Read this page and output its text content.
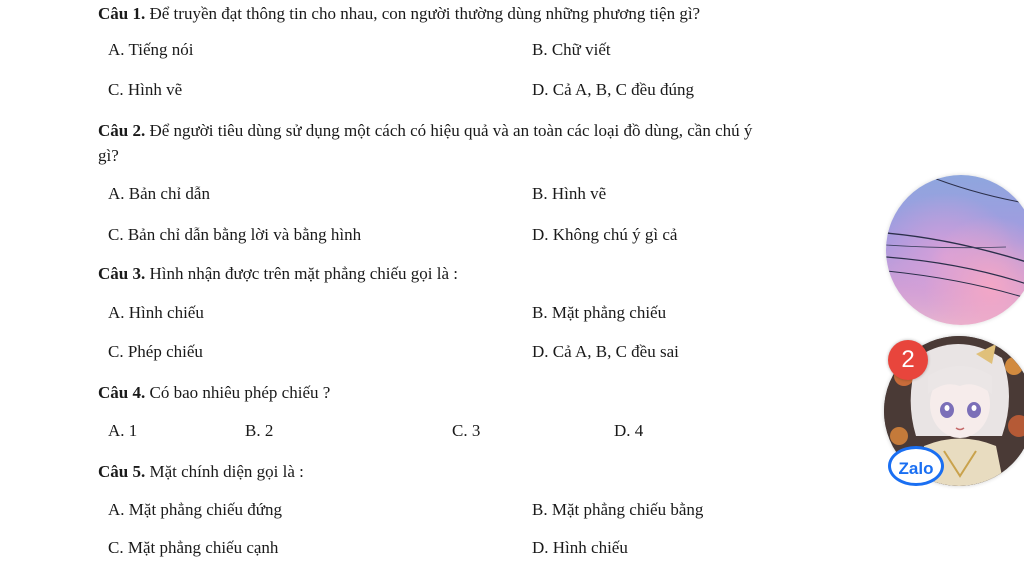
Câu 1. Để truyền đạt thông tin cho nhau, con người thường dùng những phương tiện gì?
A. Tiếng nói	B. Chữ viết
C. Hình vẽ	D. Cả A, B, C đều đúng
Câu 2. Để người tiêu dùng sử dụng một cách có hiệu quả và an toàn các loại đồ dùng, cần chú ý
gì?
A. Bản chỉ dẫn	B. Hình vẽ
C. Bản chỉ dẫn bằng lời và bằng hình	D. Không chú ý gì cả
Câu 3. Hình nhận được trên mặt phẳng chiếu gọi là :
A. Hình chiếu	B. Mặt phẳng chiếu
C. Phép chiếu	D. Cả A, B, C đều sai
Câu 4. Có bao nhiêu phép chiếu ?
A. 1	B. 2	C. 3	D. 4
Câu 5. Mặt chính diện gọi là :
A. Mặt phẳng chiếu đứng	B. Mặt phẳng chiếu bằng
C. Mặt phẳng chiếu cạnh	D. Hình chiếu
2
Zalo
